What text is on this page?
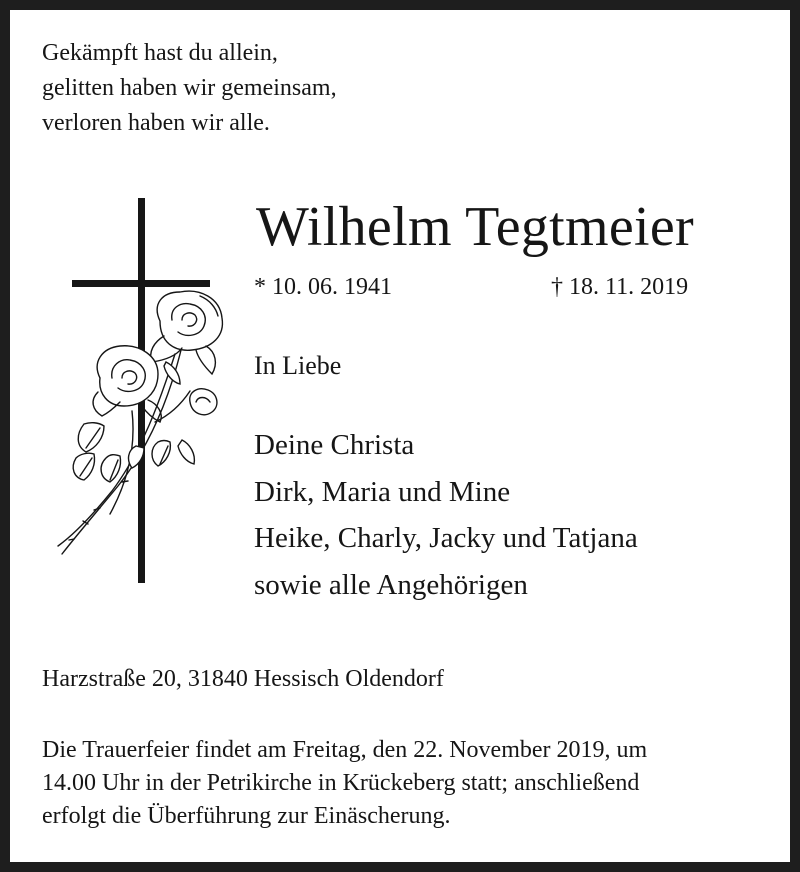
Gekämpft hast du allein,
gelitten haben wir gemeinsam,
verloren haben wir alle.
Wilhelm Tegtmeier
* 10. 06. 1941	† 18. 11. 2019
In Liebe
Deine Christa
Dirk, Maria und Mine
Heike, Charly, Jacky und Tatjana
sowie alle Angehörigen
Harzstraße 20, 31840 Hessisch Oldendorf
Die Trauerfeier findet am Freitag, den 22. November 2019, um
14.00 Uhr in der Petrikirche in Krückeberg statt; anschließend
erfolgt die Überführung zur Einäscherung.
